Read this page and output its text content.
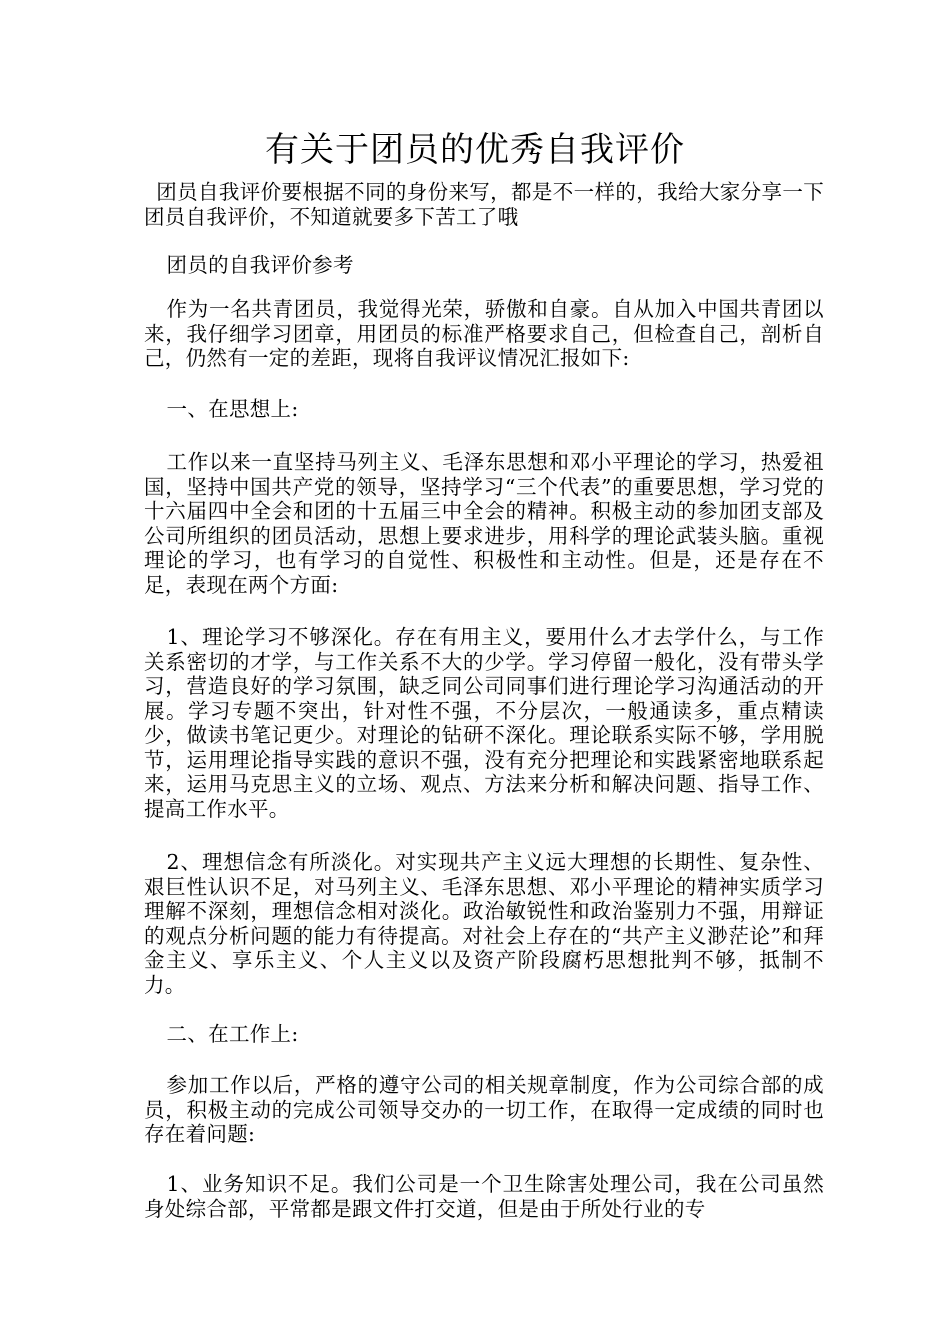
有关于团员的优秀自我评价
团员自我评价要根据不同的身份来写，都是不一样的，我给大家分享一下团员自我评价，不知道就要多下苦工了哦
团员的自我评价参考
作为一名共青团员，我觉得光荣，骄傲和自豪。自从加入中国共青团以来，我仔细学习团章，用团员的标准严格要求自己，但检查自己，剖析自己，仍然有一定的差距，现将自我评议情况汇报如下:
一、在思想上:
工作以来一直坚持马列主义、毛泽东思想和邓小平理论的学习，热爱祖国，坚持中国共产党的领导，坚持学习“三个代表”的重要思想，学习党的十六届四中全会和团的十五届三中全会的精神。积极主动的参加团支部及公司所组织的团员活动，思想上要求进步，用科学的理论武装头脑。重视理论的学习，也有学习的自觉性、积极性和主动性。但是，还是存在不足，表现在两个方面:
1、理论学习不够深化。存在有用主义，要用什么才去学什么，与工作关系密切的才学，与工作关系不大的少学。学习停留一般化，没有带头学习，营造良好的学习氛围，缺乏同公司同事们进行理论学习沟通活动的开展。学习专题不突出，针对性不强，不分层次，一般通读多，重点精读少，做读书笔记更少。对理论的钻研不深化。理论联系实际不够，学用脱节，运用理论指导实践的意识不强，没有充分把理论和实践紧密地联系起来，运用马克思主义的立场、观点、方法来分析和解决问题、指导工作、提高工作水平。
2、理想信念有所淡化。对实现共产主义远大理想的长期性、复杂性、艰巨性认识不足，对马列主义、毛泽东思想、邓小平理论的精神实质学习理解不深刻，理想信念相对淡化。政治敏锐性和政治鉴别力不强，用辩证的观点分析问题的能力有待提高。对社会上存在的“共产主义渺茫论”和拜金主义、享乐主义、个人主义以及资产阶段腐朽思想批判不够，抵制不力。
二、在工作上:
参加工作以后，严格的遵守公司的相关规章制度，作为公司综合部的成员，积极主动的完成公司领导交办的一切工作，在取得一定成绩的同时也存在着问题:
1、业务知识不足。我们公司是一个卫生除害处理公司，我在公司虽然身处综合部，平常都是跟文件打交道，但是由于所处行业的专
